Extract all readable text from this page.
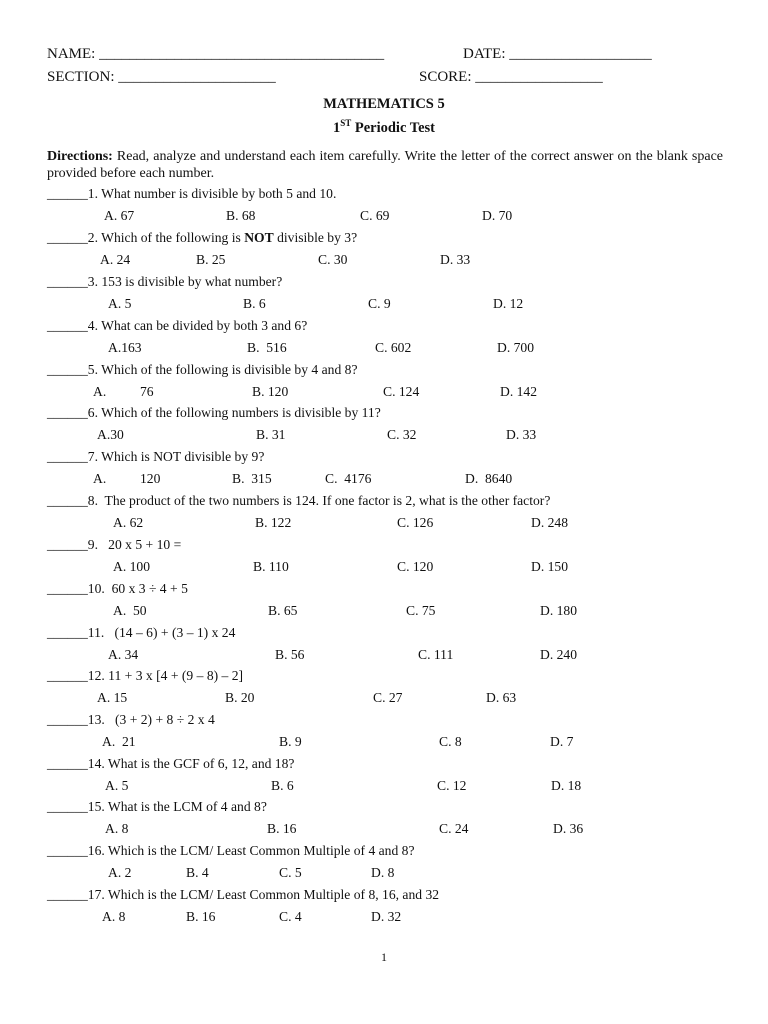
NAME: ______________________________________	DATE: ___________________
SECTION: _____________________	SCORE: _________________
MATHEMATICS 5
1ST Periodic Test
Directions: Read, analyze and understand each item carefully. Write the letter of the correct answer on the blank space provided before each number.
______1. What number is divisible by both 5 and 10.
A. 67	B. 68	C. 69	D. 70
______2. Which of the following is NOT divisible by 3?
A. 24	B. 25	C. 30	D. 33
______3. 153 is divisible by what number?
A. 5	B. 6	C. 9	D. 12
______4. What can be divided by both 3 and 6?
A.163	B.  516	C. 602	D. 700
______5. Which of the following is divisible by 4 and 8?
A. 76	B. 120	C. 124	D. 142
______6. Which of the following numbers is divisible by 11?
A.30	B. 31	C. 32	D. 33
______7. Which is NOT divisible by 9?
A. 120	B.  315	C.  4176	D.  8640
______8.  The product of the two numbers is 124. If one factor is 2, what is the other factor?
A. 62	B. 122	C. 126	D. 248
______9.   20 x 5 + 10 =
A. 100	B. 110	C. 120	D. 150
______10.  60 x 3 ÷ 4 + 5
A.  50	B. 65	C. 75	D. 180
______11.   (14 – 6) + (3 – 1) x 24
A. 34	B. 56	C. 111	D. 240
______12. 11 + 3 x [4 + (9 – 8) – 2]
A. 15	B. 20	C. 27	D. 63
______13.   (3 + 2) + 8 ÷ 2 x 4
A.  21	B. 9	C. 8	D. 7
______14. What is the GCF of 6, 12, and 18?
A. 5	B. 6	C. 12	D. 18
______15. What is the LCM of 4 and 8?
A. 8	B. 16	C. 24	D. 36
______16. Which is the LCM/ Least Common Multiple of 4 and 8?
A. 2	B. 4	C. 5	D. 8
______17. Which is the LCM/ Least Common Multiple of 8, 16, and 32
A. 8	B. 16	C. 4	D. 32
1
